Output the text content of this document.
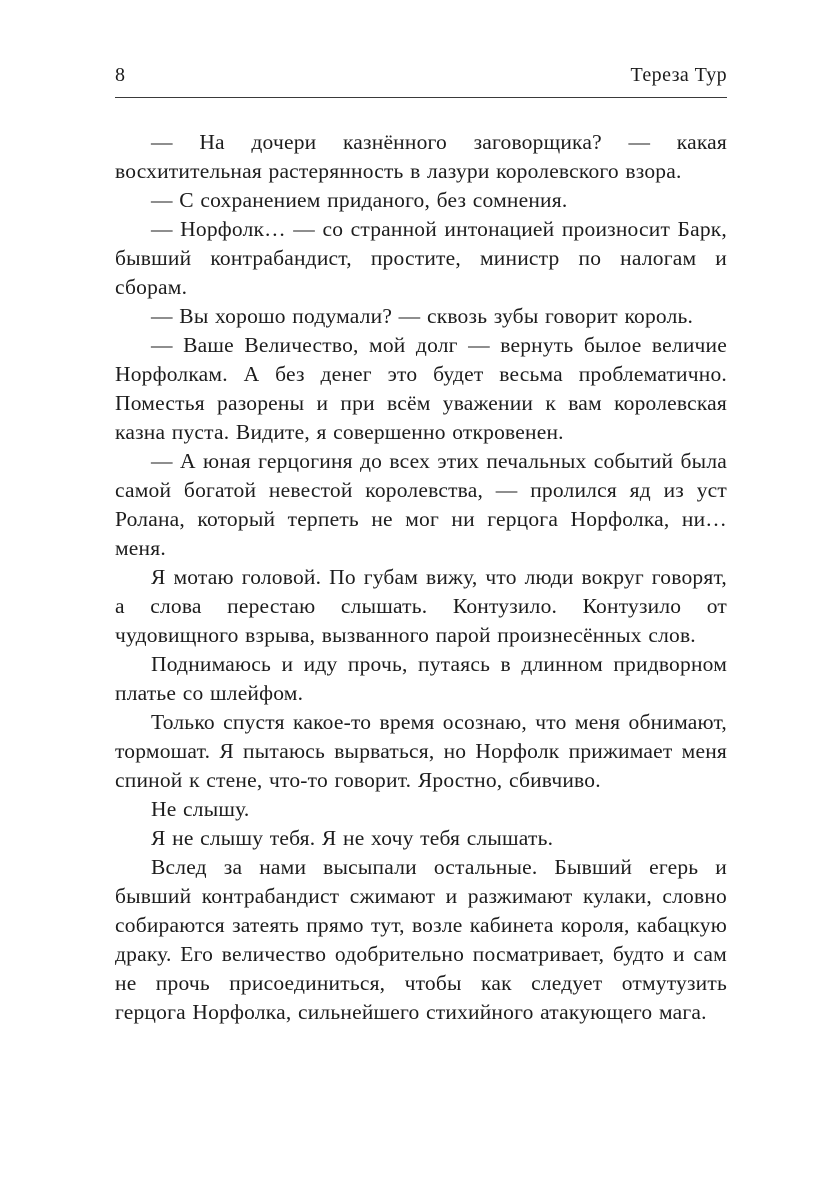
8	Тереза Тур

— На дочери казнённого заговорщика? — какая восхитительная растерянность в лазури королевского взора.

— С сохранением приданого, без сомнения.

— Норфолк… — со странной интонацией произносит Барк, бывший контрабандист, простите, министр по налогам и сборам.

— Вы хорошо подумали? — сквозь зубы говорит король.

— Ваше Величество, мой долг — вернуть былое величие Норфолкам. А без денег это будет весьма проблематично. Поместья разорены и при всём уважении к вам королевская казна пуста. Видите, я совершенно откровенен.

— А юная герцогиня до всех этих печальных событий была самой богатой невестой королевства, — пролился яд из уст Ролана, который терпеть не мог ни герцога Норфолка, ни… меня.

Я мотаю головой. По губам вижу, что люди вокруг говорят, а слова перестаю слышать. Контузило. Контузило от чудовищного взрыва, вызванного парой произнесённых слов.

Поднимаюсь и иду прочь, путаясь в длинном придворном платье со шлейфом.

Только спустя какое-то время осознаю, что меня обнимают, тормошат. Я пытаюсь вырваться, но Норфолк прижимает меня спиной к стене, что-то говорит. Яростно, сбивчиво.

Не слышу.

Я не слышу тебя. Я не хочу тебя слышать.

Вслед за нами высыпали остальные. Бывший егерь и бывший контрабандист сжимают и разжимают кулаки, словно собираются затеять прямо тут, возле кабинета короля, кабацкую драку. Его величество одобрительно посматривает, будто и сам не прочь присоединиться, чтобы как следует отмутузить герцога Норфолка, сильнейшего стихийного атакующего мага.
